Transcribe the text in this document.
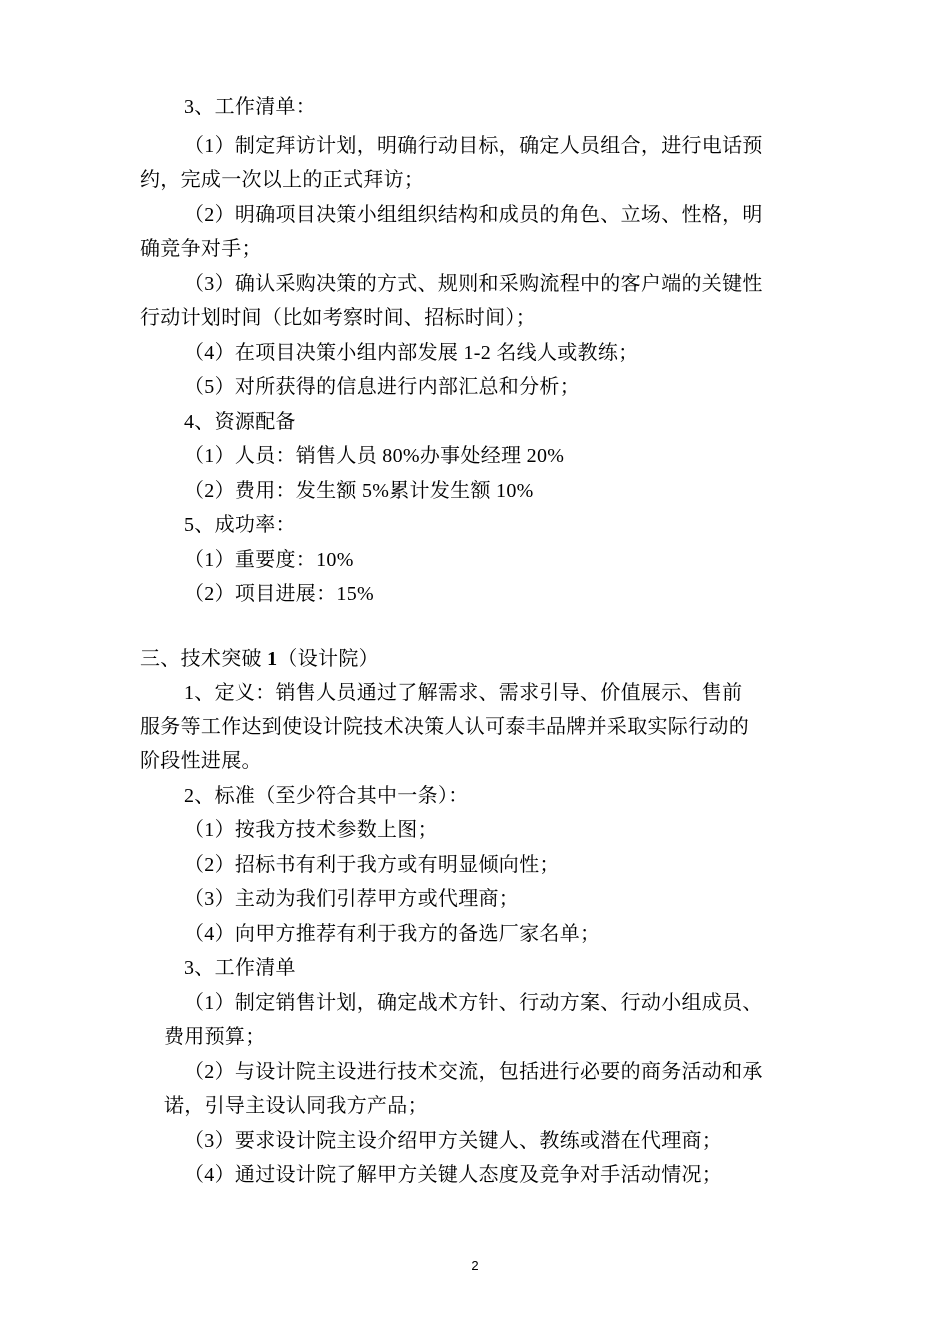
3、工作清单：
（1）制定拜访计划，明确行动目标，确定人员组合，进行电话预
约，完成一次以上的正式拜访；
（2）明确项目决策小组组织结构和成员的角色、立场、性格，明
确竞争对手；
（3）确认采购决策的方式、规则和采购流程中的客户端的关键性
行动计划时间（比如考察时间、招标时间）；
（4）在项目决策小组内部发展 1-2 名线人或教练；
（5）对所获得的信息进行内部汇总和分析；
4、资源配备
（1）人员：销售人员 80%办事处经理 20%
（2）费用：发生额 5%累计发生额 10%
5、成功率：
（1）重要度：10%
（2）项目进展：15%
三、技术突破 1（设计院）
1、定义：销售人员通过了解需求、需求引导、价值展示、售前
服务等工作达到使设计院技术决策人认可泰丰品牌并采取实际行动的
阶段性进展。
2、标准（至少符合其中一条）：
（1）按我方技术参数上图；
（2）招标书有利于我方或有明显倾向性；
（3）主动为我们引荐甲方或代理商；
（4）向甲方推荐有利于我方的备选厂家名单；
3、工作清单
（1）制定销售计划，确定战术方针、行动方案、行动小组成员、
费用预算；
（2）与设计院主设进行技术交流，包括进行必要的商务活动和承
诺，引导主设认同我方产品；
（3）要求设计院主设介绍甲方关键人、教练或潜在代理商；
（4）通过设计院了解甲方关键人态度及竞争对手活动情况；
2
